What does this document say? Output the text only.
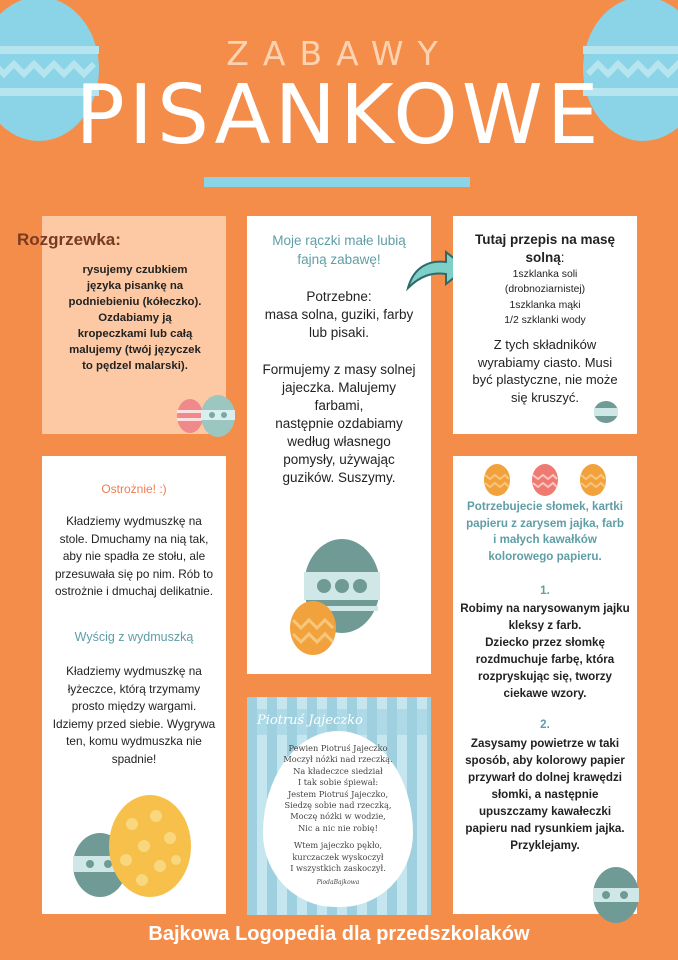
ZABAWY
PISANKOWE
Rozgrzewka:
rysujemy czubkiem
języka pisankę na
podniebieniu (kółeczko).
Ozdabiamy ją
kropeczkami lub całą
malujemy (twój języczek
to pędzel malarski).
Moje rączki małe lubią
fajną zabawę!
Potrzebne:
masa solna, guziki, farby
lub pisaki.
Formujemy z masy solnej
jajeczka. Malujemy
farbami,
następnie ozdabiamy
według własnego
pomysły, używając
guzików. Suszymy.
Tutaj przepis na masę
solną:
1szklanka soli
(drobnoziarnistej)
1szklanka mąki
1/2 szklanki wody
Z tych składników
wyrabiamy ciasto. Musi
być plastyczne, nie może
się kruszyć.
Ostrożnie! :)
Kładziemy wydmuszkę na
stole. Dmuchamy na nią tak,
aby nie spadła ze stołu, ale
przesuwała się po nim. Rób to
ostrożnie i dmuchaj delikatnie.
Wyścig z wydmuszką
Kładziemy wydmuszkę na
łyżeczce, którą trzymamy
prosto między wargami.
Idziemy przed siebie. Wygrywa
ten, komu wydmuszka nie
spadnie!
Piotruś Jajeczko
Pewien Piotruś Jajeczko
Moczył nóżki nad rzeczką.
Na kładeczce siedział
I tak sobie śpiewał:
Jestem Piotruś Jajeczko,
Siedzę sobie nad rzeczką,
Moczę nóżki w wodzie,
Nic a nic nie robię!
Wtem jajeczko pękło,
kurczaczek wyskoczył
I wszystkich zaskoczył.
PiodaBajkowa
Potrzebujecie słomek, kartki
papieru z zarysem jajka, farb
i małych kawałków
kolorowego papieru.
1.
Robimy na narysowanym jajku
kleksy z farb.
Dziecko przez słomkę
rozdmuchuje farbę, która
rozpryskując się, tworzy
ciekawe wzory.
2.
Zasysamy powietrze w taki
sposób, aby kolorowy papier
przywarł do dolnej krawędzi
słomki, a następnie
upuszczamy kawałeczki
papieru nad rysunkiem jajka.
Przyklejamy.
Bajkowa Logopedia dla przedszkolaków
